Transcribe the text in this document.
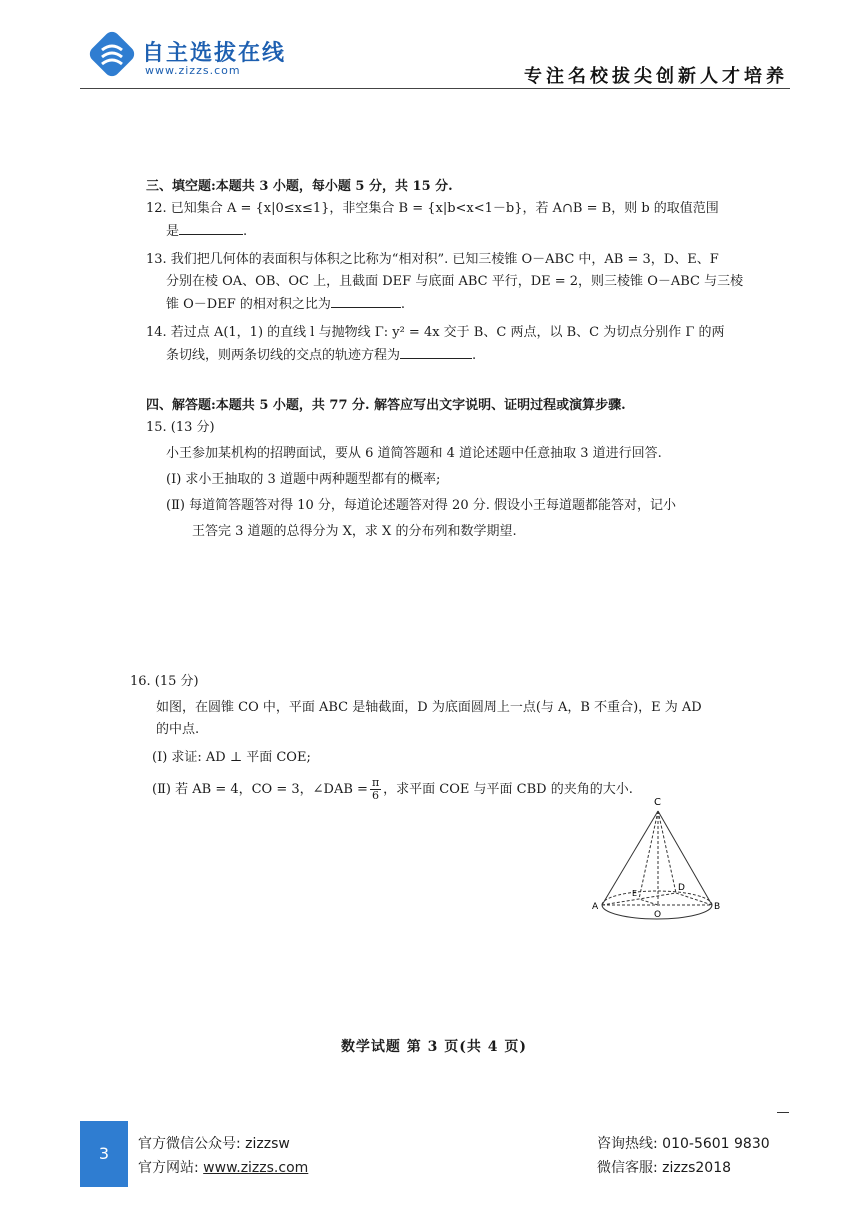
自主选拔在线
www.zizzs.com	专注名校拔尖创新人才培养
三、填空题:本题共 3 小题，每小题 5 分，共 15 分.
12. 已知集合 A = {x|0≤x≤1}，非空集合 B = {x|b<x<1－b}，若 A∩B = B，则 b 的取值范围
是	.
13. 我们把几何体的表面积与体积之比称为“相对积”. 已知三棱锥 O－ABC 中，AB = 3，D、E、F
分别在棱 OA、OB、OC 上，且截面 DEF 与底面 ABC 平行，DE = 2，则三棱锥 O－ABC 与三棱
锥 O－DEF 的相对积之比为	.
14. 若过点 A(1，1) 的直线 l 与抛物线 Γ: y² = 4x 交于 B、C 两点，以 B、C 为切点分别作 Γ 的两
条切线，则两条切线的交点的轨迹方程为	.
四、解答题:本题共 5 小题，共 77 分. 解答应写出文字说明、证明过程或演算步骤.
15. (13 分)
小王参加某机构的招聘面试，要从 6 道简答题和 4 道论述题中任意抽取 3 道进行回答.
(Ⅰ) 求小王抽取的 3 道题中两种题型都有的概率;
(Ⅱ) 每道简答题答对得 10 分，每道论述题答对得 20 分. 假设小王每道题都能答对，记小
王答完 3 道题的总得分为 X，求 X 的分布列和数学期望.
16. (15 分)
如图，在圆锥 CO 中，平面 ABC 是轴截面，D 为底面圆周上一点(与 A，B 不重合)，E 为 AD
的中点.
(Ⅰ) 求证: AD ⊥ 平面 COE;
(Ⅱ) 若 AB = 4，CO = 3，∠DAB = $\frac{\pi}{6}$ ，求平面 COE 与平面 CBD 的夹角的大小.
C
A	B
D
O
E
数学试题 第 3 页(共 4 页)
3	官方微信公众号: zizzsw
官方网站: www.zizzs.com
咨询热线: 010-5601 9830
微信客服: zizzs2018
